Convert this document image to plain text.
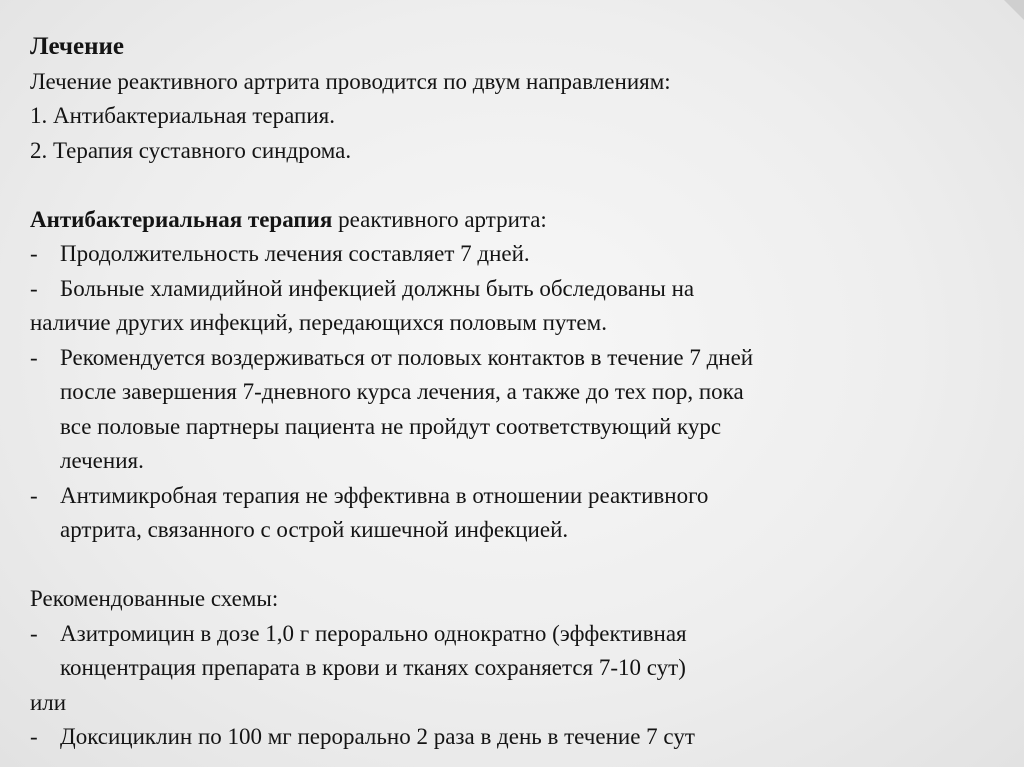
Лечение
Лечение реактивного артрита проводится по двум направлениям:
1. Антибактериальная терапия.
2. Терапия суставного синдрома.
Антибактериальная терапия реактивного артрита:
- Продолжительность лечения составляет 7 дней.
- Больные хламидийной инфекцией должны быть обследованы на
наличие других инфекций, передающихся половым путем.
- Рекомендуется воздерживаться от половых контактов в течение 7 дней
после завершения 7-дневного курса лечения, а также до тех пор, пока
все половые партнеры пациента не пройдут соответствующий курс
лечения.
- Антимикробная терапия не эффективна в отношении реактивного
артрита, связанного с острой кишечной инфекцией.
Рекомендованные схемы:
- Азитромицин в дозе 1,0 г перорально однократно (эффективная
концентрация препарата в крови и тканях сохраняется 7-10 сут)
или
- Доксициклин по 100 мг перорально 2 раза в день в течение 7 сут
